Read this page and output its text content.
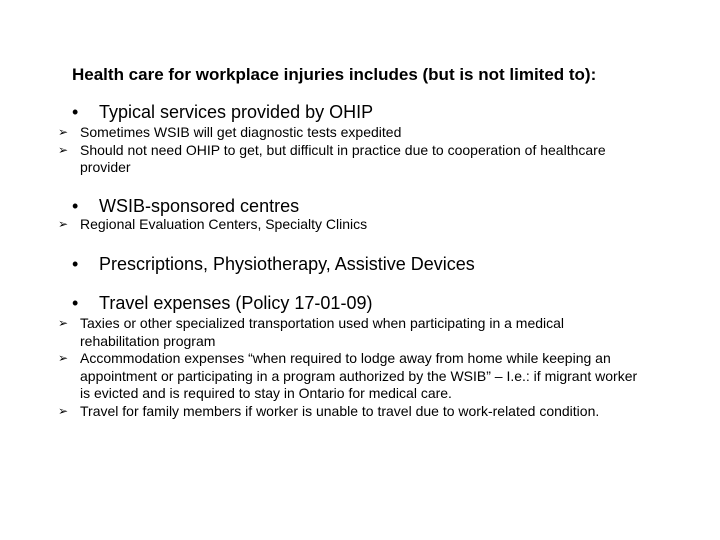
Health care for workplace injuries includes (but is not limited to):
•	Typical services provided by OHIP
➢ Sometimes WSIB will get diagnostic tests expedited
➢ Should not need OHIP to get, but difficult in practice due to cooperation of healthcare provider
•	WSIB-sponsored centres
➢ Regional Evaluation Centers, Specialty Clinics
•	Prescriptions, Physiotherapy, Assistive Devices
•	Travel expenses (Policy 17-01-09)
➢ Taxies or other specialized transportation used when participating in a medical rehabilitation program
➢ Accommodation expenses “when required to lodge away from home while keeping an appointment or participating in a program authorized by the WSIB” – I.e.: if migrant worker is evicted and is required to stay in Ontario for medical care.
➢ Travel for family members if worker is unable to travel due to work-related condition.
